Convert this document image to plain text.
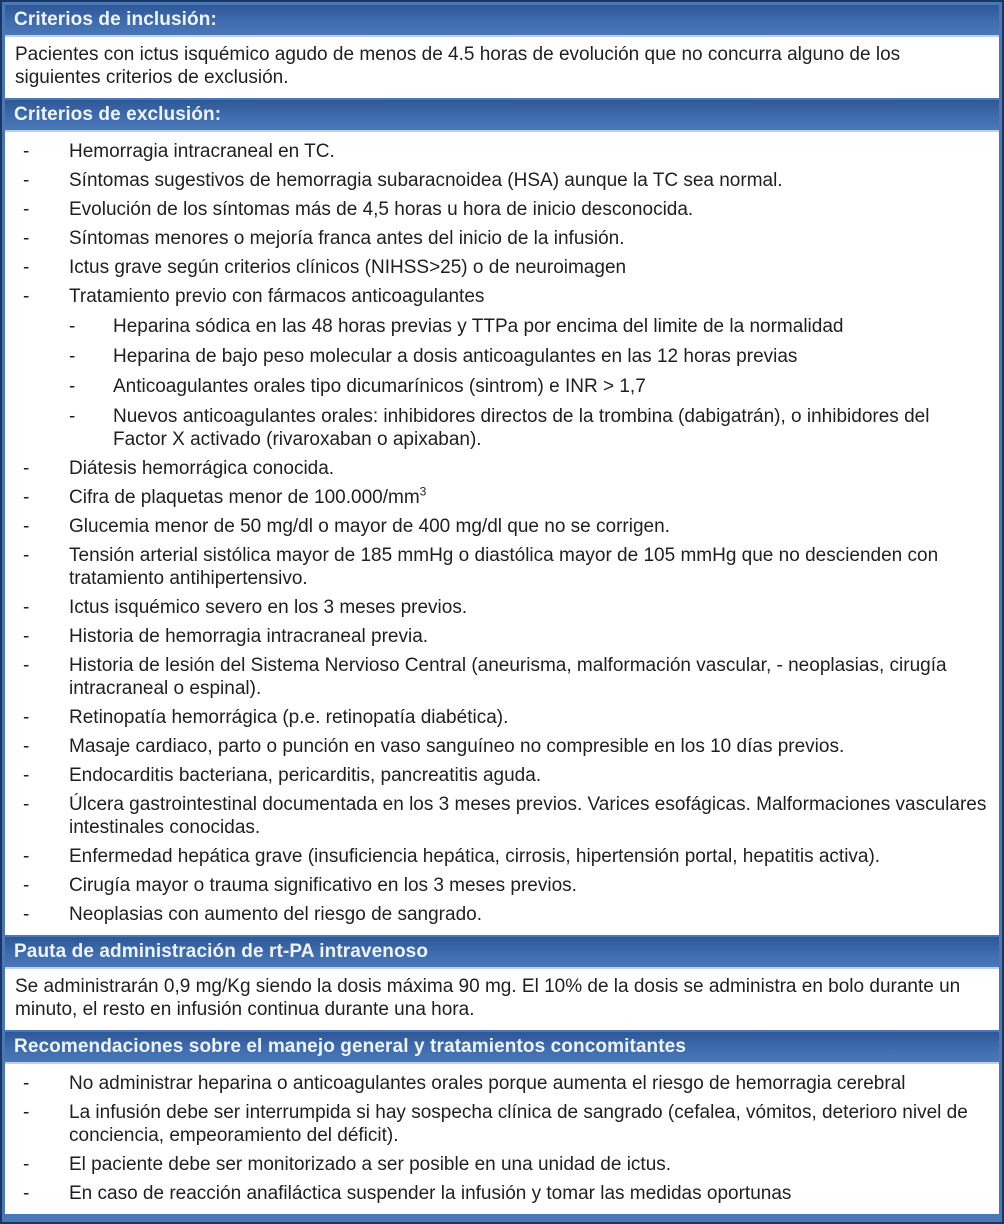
Criterios de inclusión:

Pacientes con ictus isquémico agudo de menos de 4.5 horas de evolución que no concurra alguno de los siguientes criterios de exclusión.

Criterios de exclusión:
- Hemorragia intracraneal en TC.
- Síntomas sugestivos de hemorragia subaracnoidea (HSA) aunque la TC sea normal.
- Evolución de los síntomas más de 4,5 horas u hora de inicio desconocida.
- Síntomas menores o mejoría franca antes del inicio de la infusión.
- Ictus grave según criterios clínicos (NIHSS>25) o de neuroimagen
- Tratamiento previo con fármacos anticoagulantes
- Heparina sódica en las 48 horas previas y TTPa por encima del limite de la normalidad
- Heparina de bajo peso molecular a dosis anticoagulantes en las 12 horas previas
- Anticoagulantes orales tipo dicumarínicos (sintrom) e INR > 1,7
- Nuevos anticoagulantes orales: inhibidores directos de la trombina (dabigatrán), o inhibidores del Factor X activado (rivaroxaban o apixaban).
- Diátesis hemorrágica conocida.
- Cifra de plaquetas menor de $100.000/mm^3$
- Glucemia menor de 50 mg/dl o mayor de 400 mg/dl que no se corrigen.
- Tensión arterial sistólica mayor de 185 mmHg o diastólica mayor de 105 mmHg que no descienden con tratamiento antihipertensivo.
- Ictus isquémico severo en los 3 meses previos.
- Historia de hemorragia intracraneal previa.
- Historia de lesión del Sistema Nervioso Central (aneurisma, malformación vascular, - neoplasias, cirugía intracraneal o espinal).
- Retinopatía hemorrágica (p.e. retinopatía diabética).
- Masaje cardiaco, parto o punción en vaso sanguíneo no compresible en los 10 días previos.
- Endocarditis bacteriana, pericarditis, pancreatitis aguda.
- Úlcera gastrointestinal documentada en los 3 meses previos. Varices esofágicas. Malformaciones vasculares intestinales conocidas.
- Enfermedad hepática grave (insuficiencia hepática, cirrosis, hipertensión portal, hepatitis activa).
- Cirugía mayor o trauma significativo en los 3 meses previos.
- Neoplasias con aumento del riesgo de sangrado.
Pauta de administración de rt-PA intravenoso

Se administrarán 0,9 mg/Kg siendo la dosis máxima 90 mg. El 10% de la dosis se administra en bolo durante un minuto, el resto en infusión continua durante una hora.

Recomendaciones sobre el manejo general y tratamientos concomitantes
- No administrar heparina o anticoagulantes orales porque aumenta el riesgo de hemorragia cerebral
- La infusión debe ser interrumpida si hay sospecha clínica de sangrado (cefalea, vómitos, deterioro nivel de conciencia, empeoramiento del déficit).
- El paciente debe ser monitorizado a ser posible en una unidad de ictus.
- En caso de reacción anafiláctica suspender la infusión y tomar las medidas oportunas
